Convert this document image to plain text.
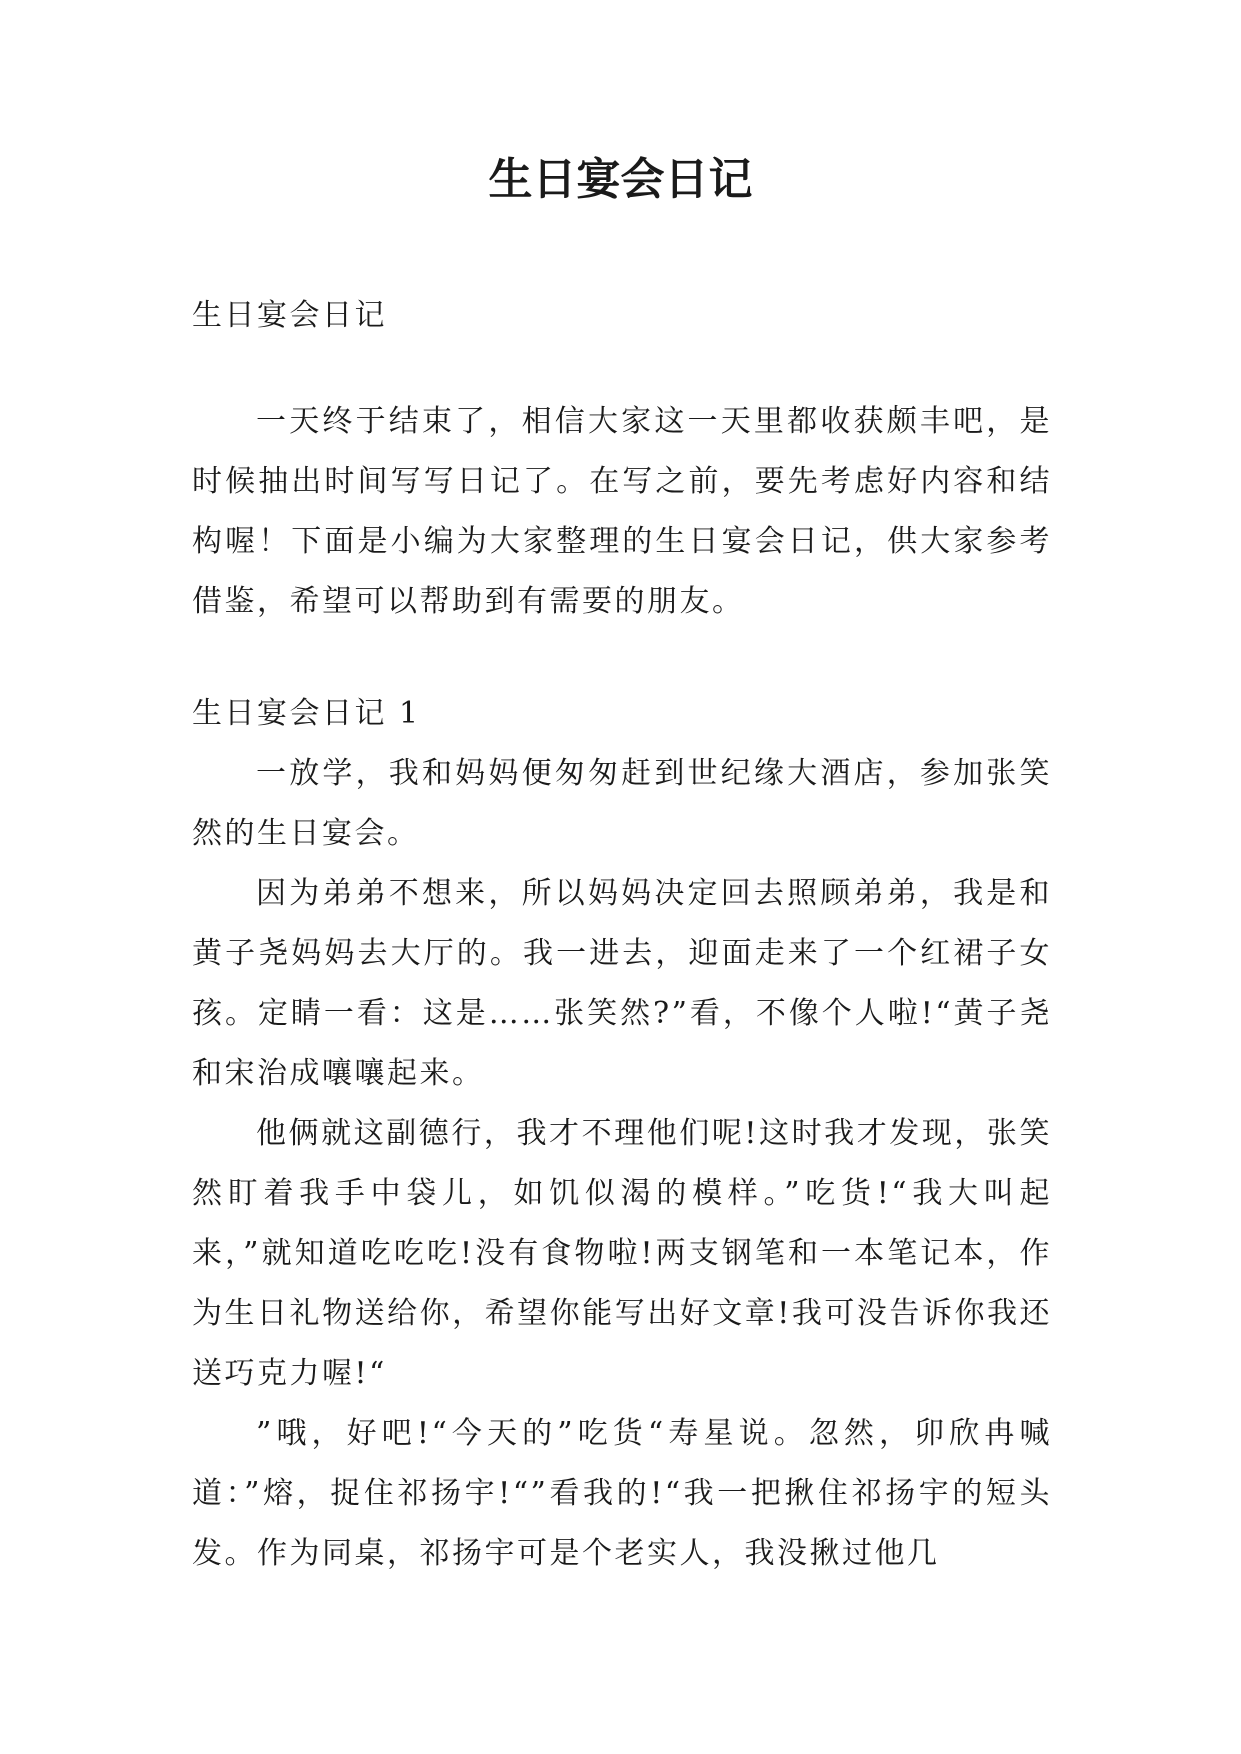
生日宴会日记

生日宴会日记

一天终于结束了，相信大家这一天里都收获颇丰吧，是时候抽出时间写写日记了。在写之前，要先考虑好内容和结构喔！下面是小编为大家整理的生日宴会日记，供大家参考借鉴，希望可以帮助到有需要的朋友。

生日宴会日记 1

一放学，我和妈妈便匆匆赶到世纪缘大酒店，参加张笑然的生日宴会。

因为弟弟不想来，所以妈妈决定回去照顾弟弟，我是和黄子尧妈妈去大厅的。我一进去，迎面走来了一个红裙子女孩。定睛一看：这是……张笑然?”看，不像个人啦!“黄子尧和宋治成嚷嚷起来。

他俩就这副德行，我才不理他们呢!这时我才发现，张笑然盯着我手中袋儿，如饥似渴的模样。”吃货!“我大叫起来，”就知道吃吃吃!没有食物啦!两支钢笔和一本笔记本，作为生日礼物送给你，希望你能写出好文章!我可没告诉你我还送巧克力喔!“

”哦，好吧!“今天的”吃货“寿星说。忽然，卯欣冉喊道：”熔，捉住祁扬宇!“”看我的!“我一把揪住祁扬宇的短头发。作为同桌，祁扬宇可是个老实人，我没揪过他几
